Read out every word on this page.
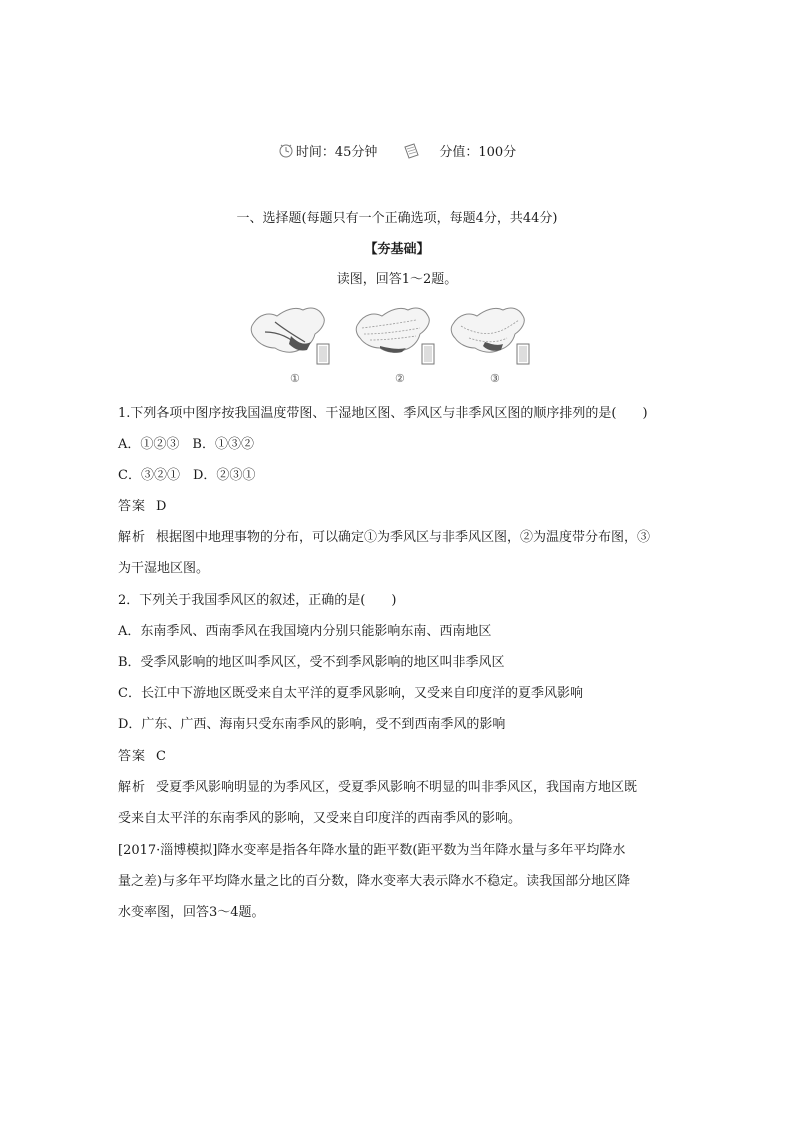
时间：45分钟	分值：100分
一、选择题(每题只有一个正确选项，每题4分，共44分)
【夯基础】
读图，回答1～2题。
①	②	③
1.下列各项中图序按我国温度带图、干湿地区图、季风区与非季风区图的顺序排列的是(　　)
A．①②③　B．①③②
C．③②①　D．②③①
答案 D
解析 根据图中地理事物的分布，可以确定①为季风区与非季风区图，②为温度带分布图，③
为干湿地区图。
2．下列关于我国季风区的叙述，正确的是(　　)
A．东南季风、西南季风在我国境内分别只能影响东南、西南地区
B．受季风影响的地区叫季风区，受不到季风影响的地区叫非季风区
C．长江中下游地区既受来自太平洋的夏季风影响，又受来自印度洋的夏季风影响
D．广东、广西、海南只受东南季风的影响，受不到西南季风的影响
答案 C
解析 受夏季风影响明显的为季风区，受夏季风影响不明显的叫非季风区，我国南方地区既
受来自太平洋的东南季风的影响，又受来自印度洋的西南季风的影响。
[2017·淄博模拟]降水变率是指各年降水量的距平数(距平数为当年降水量与多年平均降水
量之差)与多年平均降水量之比的百分数，降水变率大表示降水不稳定。读我国部分地区降
水变率图，回答3～4题。
